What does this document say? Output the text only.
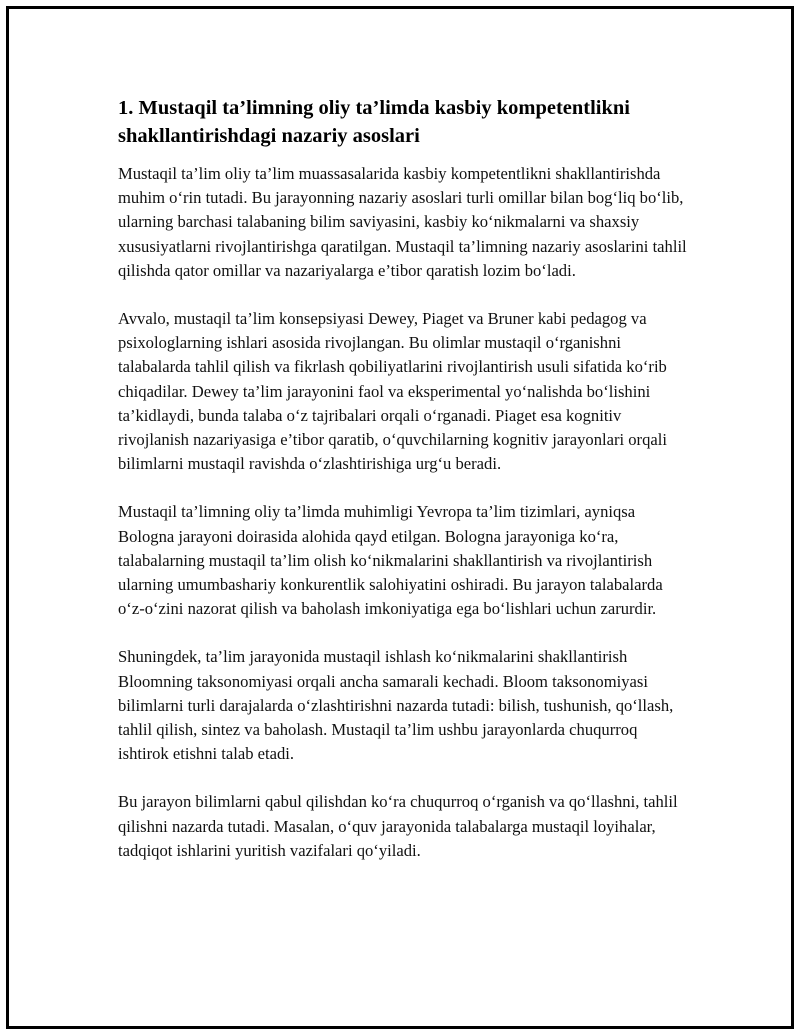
1. Mustaqil ta’limning oliy ta’limda kasbiy kompetentlikni shakllantirishdagi nazariy asoslari

Mustaqil ta’lim oliy ta’lim muassasalarida kasbiy kompetentlikni shakllantirishda muhim o‘rin tutadi. Bu jarayonning nazariy asoslari turli omillar bilan bog‘liq bo‘lib, ularning barchasi talabaning bilim saviyasini, kasbiy ko‘nikmalarni va shaxsiy xususiyatlarni rivojlantirishga qaratilgan. Mustaqil ta’limning nazariy asoslarini tahlil qilishda qator omillar va nazariyalarga e’tibor qaratish lozim bo‘ladi.

Avvalo, mustaqil ta’lim konsepsiyasi Dewey, Piaget va Bruner kabi pedagog va psixologlarning ishlari asosida rivojlangan. Bu olimlar mustaqil o‘rganishni talabalarda tahlil qilish va fikrlash qobiliyatlarini rivojlantirish usuli sifatida ko‘rib chiqadilar. Dewey ta’lim jarayonini faol va eksperimental yo‘nalishda bo‘lishini ta’kidlaydi, bunda talaba o‘z tajribalari orqali o‘rganadi. Piaget esa kognitiv rivojlanish nazariyasiga e’tibor qaratib, o‘quvchilarning kognitiv jarayonlari orqali bilimlarni mustaqil ravishda o‘zlashtirishiga urg‘u beradi.

Mustaqil ta’limning oliy ta’limda muhimligi Yevropa ta’lim tizimlari, ayniqsa Bologna jarayoni doirasida alohida qayd etilgan. Bologna jarayoniga ko‘ra, talabalarning mustaqil ta’lim olish ko‘nikmalarini shakllantirish va rivojlantirish ularning umumbashariy konkurentlik salohiyatini oshiradi. Bu jarayon talabalarda o‘z-o‘zini nazorat qilish va baholash imkoniyatiga ega bo‘lishlari uchun zarurdir.

Shuningdek, ta’lim jarayonida mustaqil ishlash ko‘nikmalarini shakllantirish Bloomning taksonomiyasi orqali ancha samarali kechadi. Bloom taksonomiyasi bilimlarni turli darajalarda o‘zlashtirishni nazarda tutadi: bilish, tushunish, qo‘llash, tahlil qilish, sintez va baholash. Mustaqil ta’lim ushbu jarayonlarda chuqurroq ishtirok etishni talab etadi.

Bu jarayon bilimlarni qabul qilishdan ko‘ra chuqurroq o‘rganish va qo‘llashni, tahlil qilishni nazarda tutadi. Masalan, o‘quv jarayonida talabalarga mustaqil loyihalar, tadqiqot ishlarini yuritish vazifalari qo‘yiladi.
